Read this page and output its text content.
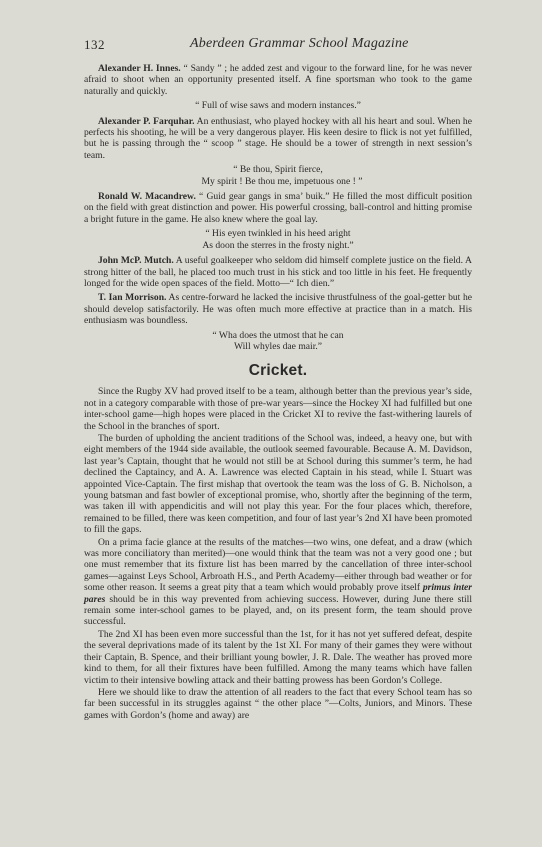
132	Aberdeen Grammar School Magazine

Alexander H. Innes. “ Sandy ” ; he added zest and vigour to the forward line, for he was never afraid to shoot when an opportunity presented itself. A fine sportsman who took to the game naturally and quickly.

“ Full of wise saws and modern instances.”

Alexander P. Farquhar. An enthusiast, who played hockey with all his heart and soul. When he perfects his shooting, he will be a very dangerous player. His keen desire to flick is not yet fulfilled, but he is passing through the “ scoop ” stage. He should be a tower of strength in next session’s team.

“ Be thou, Spirit fierce,
My spirit ! Be thou me, impetuous one ! ”

Ronald W. Macandrew. “ Guid gear gangs in sma’ buik.” He filled the most difficult position on the field with great distinction and power. His powerful crossing, ball-control and hitting promise a bright future in the game. He also knew where the goal lay.

“ His eyen twinkled in his heed aright
As doon the sterres in the frosty night.”

John McP. Mutch. A useful goalkeeper who seldom did himself complete justice on the field. A strong hitter of the ball, he placed too much trust in his stick and too little in his feet. He frequently longed for the wide open spaces of the field. Motto—“ Ich dien.”

T. Ian Morrison. As centre-forward he lacked the incisive thrustfulness of the goal-getter but he should develop satisfactorily. He was often much more effective at practice than in a match. His enthusiasm was boundless.

“ Wha does the utmost that he can
Will whyles dae mair.”
Cricket.

Since the Rugby XV had proved itself to be a team, although better than the previous year’s side, not in a category comparable with those of pre-war years—since the Hockey XI had fulfilled but one inter-school game—high hopes were placed in the Cricket XI to revive the fast-withering laurels of the School in the branches of sport.

The burden of upholding the ancient traditions of the School was, indeed, a heavy one, but with eight members of the 1944 side available, the outlook seemed favourable. Because A. M. Davidson, last year’s Captain, thought that he would not still be at School during this summer’s term, he had declined the Captaincy, and A. A. Lawrence was elected Captain in his stead, while I. Stuart was appointed Vice-Captain. The first mishap that overtook the team was the loss of G. B. Nicholson, a young batsman and fast bowler of exceptional promise, who, shortly after the beginning of the term, was taken ill with appendicitis and will not play this year. For the four places which, therefore, remained to be filled, there was keen competition, and four of last year’s 2nd XI have been promoted to fill the gaps.

On a prima facie glance at the results of the matches—two wins, one defeat, and a draw (which was more conciliatory than merited)—one would think that the team was not a very good one ; but one must remember that its fixture list has been marred by the cancellation of three inter-school games—against Leys School, Arbroath H.S., and Perth Academy—either through bad weather or for some other reason. It seems a great pity that a team which would probably prove itself primus inter pares should be in this way prevented from achieving success. However, during June there still remain some inter-school games to be played, and, on its present form, the team should prove successful.

The 2nd XI has been even more successful than the 1st, for it has not yet suffered defeat, despite the several deprivations made of its talent by the 1st XI. For many of their games they were without their Captain, B. Spence, and their brilliant young bowler, J. R. Dale. The weather has proved more kind to them, for all their fixtures have been fulfilled. Among the many teams which have fallen victim to their intensive bowling attack and their batting prowess has been Gordon’s College.

Here we should like to draw the attention of all readers to the fact that every School team has so far been successful in its struggles against “ the other place ”—Colts, Juniors, and Minors. These games with Gordon’s (home and away) are
